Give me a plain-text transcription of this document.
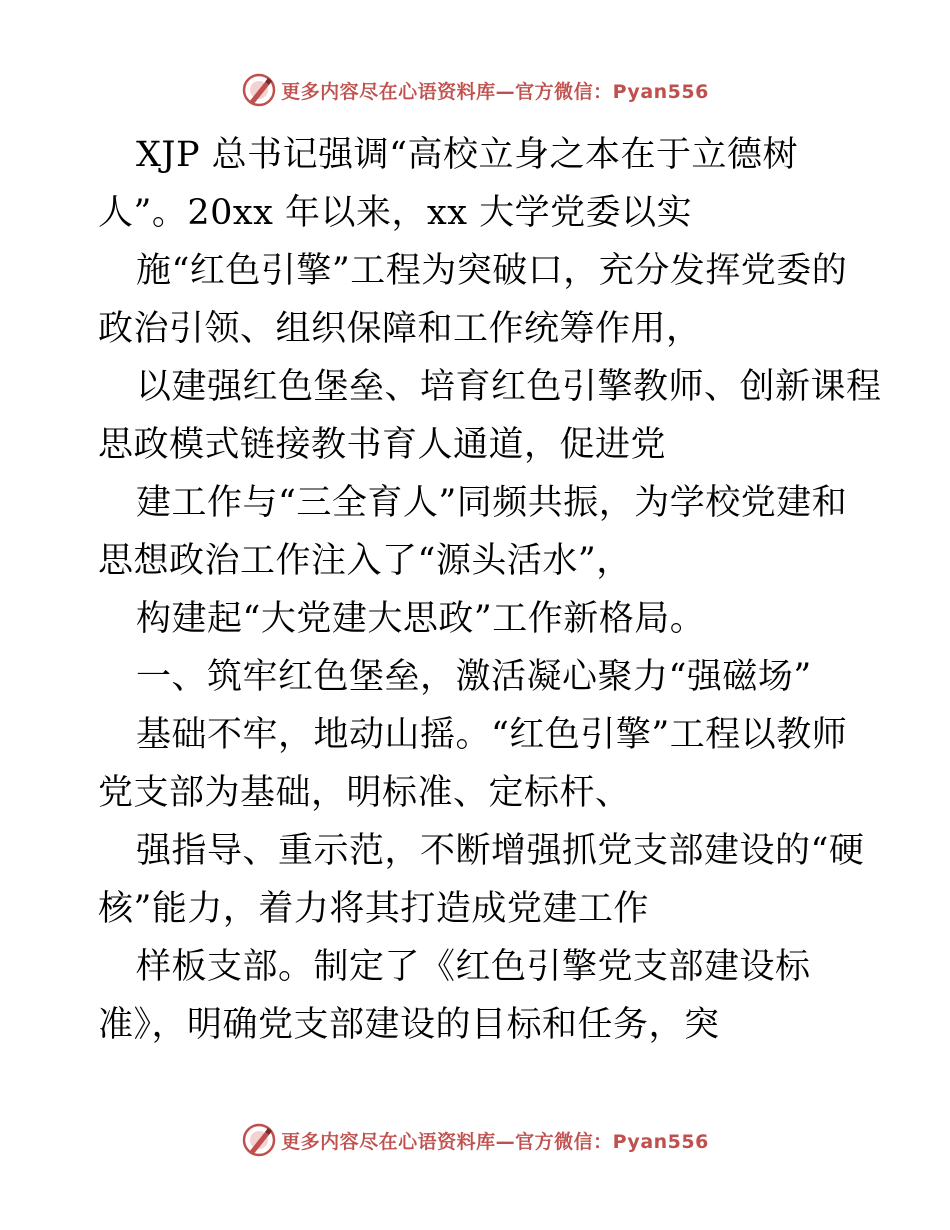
更多内容尽在心语资料库—官方微信：Pyan556
XJP 总书记强调“高校立身之本在于立德树
人”。20xx 年以来，xx 大学党委以实
施“红色引擎”工程为突破口，充分发挥党委的
政治引领、组织保障和工作统筹作用，
以建强红色堡垒、培育红色引擎教师、创新课程
思政模式链接教书育人通道，促进党
建工作与“三全育人”同频共振，为学校党建和
思想政治工作注入了“源头活水”，
构建起“大党建大思政”工作新格局。
一、筑牢红色堡垒，激活凝心聚力“强磁场”
基础不牢，地动山摇。“红色引擎”工程以教师
党支部为基础，明标准、定标杆、
强指导、重示范，不断增强抓党支部建设的“硬
核”能力，着力将其打造成党建工作
样板支部。制定了《红色引擎党支部建设标
准》，明确党支部建设的目标和任务，突
更多内容尽在心语资料库—官方微信：Pyan556
